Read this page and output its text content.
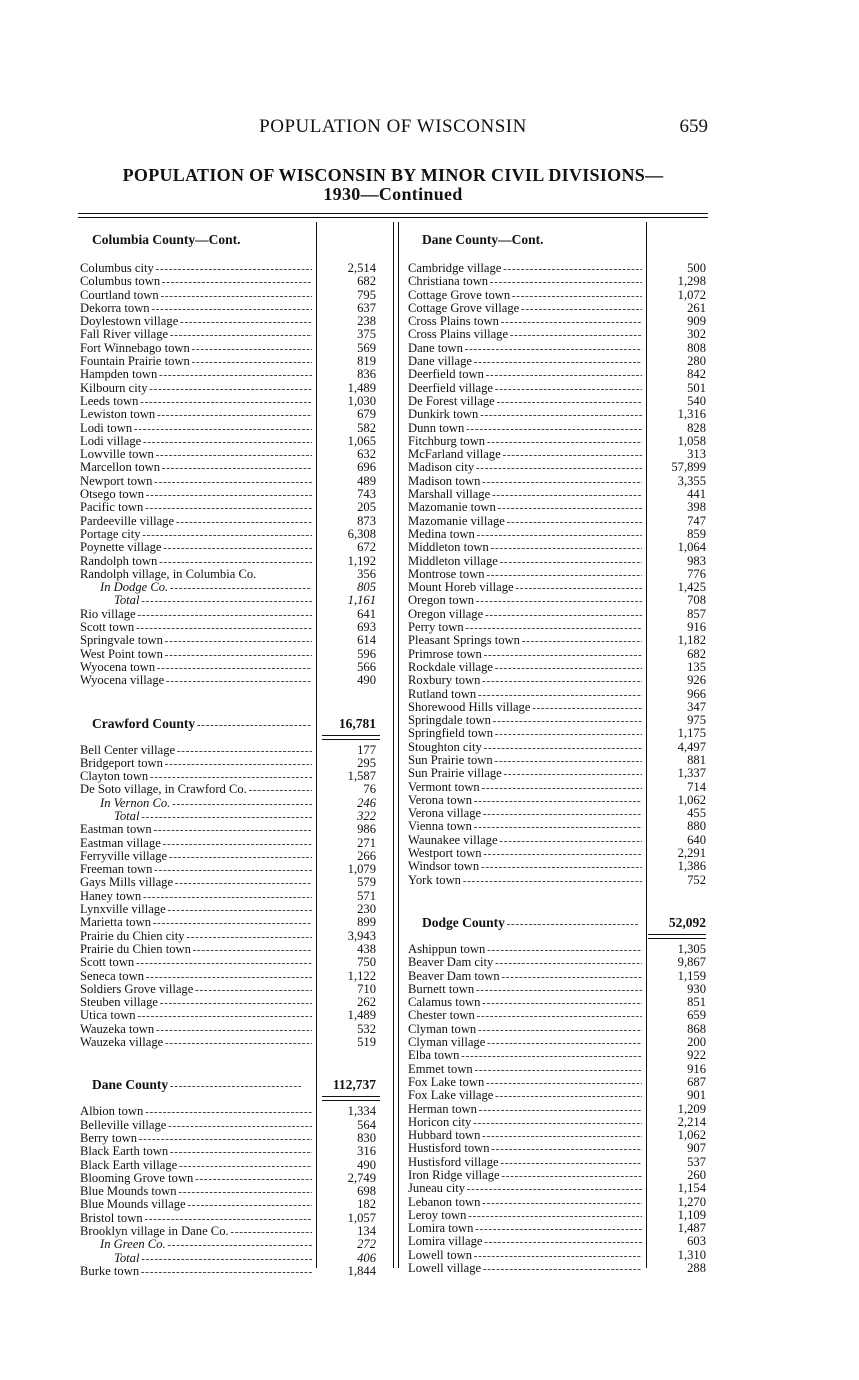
POPULATION OF WISCONSIN	659
POPULATION OF WISCONSIN BY MINOR CIVIL DIVISIONS—
1930—Continued
Columbia County—Cont.
Columbus city - - -	2,514
Columbus town - - -	682
Courtland town - - -	795
Dekorra town - - -	637
Doylestown village - - -	238
Fall River village - - -	375
Fort Winnebago town - - -	569
Fountain Prairie town - - -	819
Hampden town - - -	836
Kilbourn city - - -	1,489
Leeds town - - -	1,030
Lewiston town - - -	679
Lodi town - - -	582
Lodi village - - -	1,065
Lowville town - - -	632
Marcellon town - - -	696
Newport town - - -	489
Otsego town - - -	743
Pacific town - - -	205
Pardeeville village - - -	873
Portage city - - -	6,308
Poynette village - - -	672
Randolph town - - -	1,192
Randolph village, in Columbia Co.	356
In Dodge Co. - - -	805
Total - - -	1,161
Rio village - - -	641
Scott town - - -	693
Springvale town - - -	614
West Point town - - -	596
Wyocena town - - -	566
Wyocena village - - -	490
Crawford County - - -	16,781
Bell Center village - - -	177
Bridgeport town - - -	295
Clayton town - - -	1,587
De Soto village, in Crawford Co. - - -	76
In Vernon Co. - - -	246
Total - - -	322
Eastman town - - -	986
Eastman village - - -	271
Ferryville village - - -	266
Freeman town - - -	1,079
Gays Mills village - - -	579
Haney town - - -	571
Lynxville village - - -	230
Marietta town - - -	899
Prairie du Chien city - - -	3,943
Prairie du Chien town - - -	438
Scott town - - -	750
Seneca town - - -	1,122
Soldiers Grove village - - -	710
Steuben village - - -	262
Utica town - - -	1,489
Wauzeka town - - -	532
Wauzeka village - - -	519
Dane County - - -	112,737
Albion town - - -	1,334
Belleville village - - -	564
Berry town - - -	830
Black Earth town - - -	316
Black Earth village - - -	490
Blooming Grove town - - -	2,749
Blue Mounds town - - -	698
Blue Mounds village - - -	182
Bristol town - - -	1,057
Brooklyn village in Dane Co. - - -	134
In Green Co. - - -	272
Total - - -	406
Burke town - - -	1,844
Dane County—Cont.
Cambridge village - - -	500
Christiana town - - -	1,298
Cottage Grove town - - -	1,072
Cottage Grove village - - -	261
Cross Plains town - - -	909
Cross Plains village - - -	302
Dane town - - -	808
Dane village - - -	280
Deerfield town - - -	842
Deerfield village - - -	501
De Forest village - - -	540
Dunkirk town - - -	1,316
Dunn town - - -	828
Fitchburg town - - -	1,058
McFarland village - - -	313
Madison city - - -	57,899
Madison town - - -	3,355
Marshall village - - -	441
Mazomanie town - - -	398
Mazomanie village - - -	747
Medina town - - -	859
Middleton town - - -	1,064
Middleton village - - -	983
Montrose town - - -	776
Mount Horeb village - - -	1,425
Oregon town - - -	708
Oregon village - - -	857
Perry town - - -	916
Pleasant Springs town - - -	1,182
Primrose town - - -	682
Rockdale village - - -	135
Roxbury town - - -	926
Rutland town - - -	966
Shorewood Hills village - - -	347
Springdale town - - -	975
Springfield town - - -	1,175
Stoughton city - - -	4,497
Sun Prairie town - - -	881
Sun Prairie village - - -	1,337
Vermont town - - -	714
Verona town - - -	1,062
Verona village - - -	455
Vienna town - - -	880
Waunakee village - - -	640
Westport town - - -	2,291
Windsor town - - -	1,386
York town - - -	752
Dodge County - - -	52,092
Ashippun town - - -	1,305
Beaver Dam city - - -	9,867
Beaver Dam town - - -	1,159
Burnett town - - -	930
Calamus town - - -	851
Chester town - - -	659
Clyman town - - -	868
Clyman village - - -	200
Elba town - - -	922
Emmet town - - -	916
Fox Lake town - - -	687
Fox Lake village - - -	901
Herman town - - -	1,209
Horicon city - - -	2,214
Hubbard town - - -	1,062
Hustisford town - - -	907
Hustisford village - - -	537
Iron Ridge village - - -	260
Juneau city - - -	1,154
Lebanon town - - -	1,270
Leroy town - - -	1,109
Lomira town - - -	1,487
Lomira village - - -	603
Lowell town - - -	1,310
Lowell village - - -	288
